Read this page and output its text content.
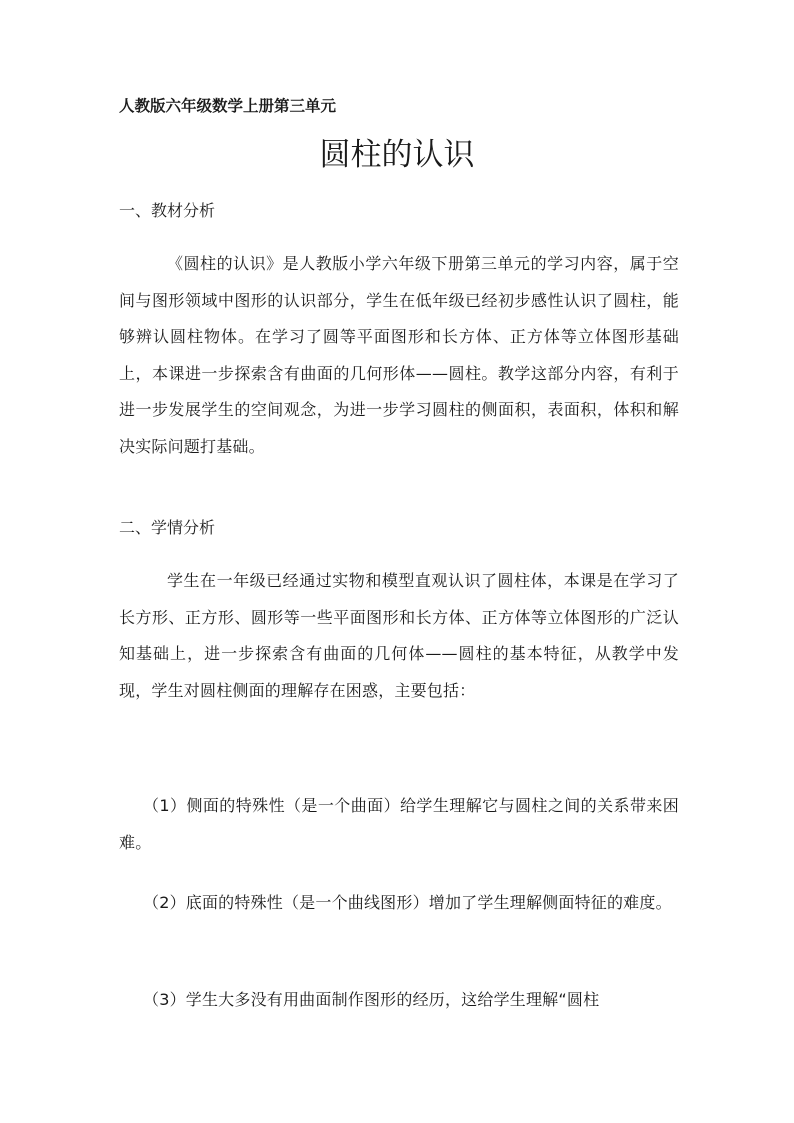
人教版六年级数学上册第三单元
圆柱的认识
一、教材分析

《圆柱的认识》是人教版小学六年级下册第三单元的学习内容，属于空间与图形领域中图形的认识部分，学生在低年级已经初步感性认识了圆柱，能够辨认圆柱物体。在学习了圆等平面图形和长方体、正方体等立体图形基础上，本课进一步探索含有曲面的几何形体——圆柱。教学这部分内容，有利于进一步发展学生的空间观念，为进一步学习圆柱的侧面积，表面积，体积和解决实际问题打基础。

二、学情分析

学生在一年级已经通过实物和模型直观认识了圆柱体，本课是在学习了长方形、正方形、圆形等一些平面图形和长方体、正方体等立体图形的广泛认知基础上，进一步探索含有曲面的几何体——圆柱的基本特征，从教学中发现，学生对圆柱侧面的理解存在困惑，主要包括：

（1）侧面的特殊性（是一个曲面）给学生理解它与圆柱之间的关系带来困难。

（2）底面的特殊性（是一个曲线图形）增加了学生理解侧面特征的难度。

（3）学生大多没有用曲面制作图形的经历，这给学生理解“圆柱
